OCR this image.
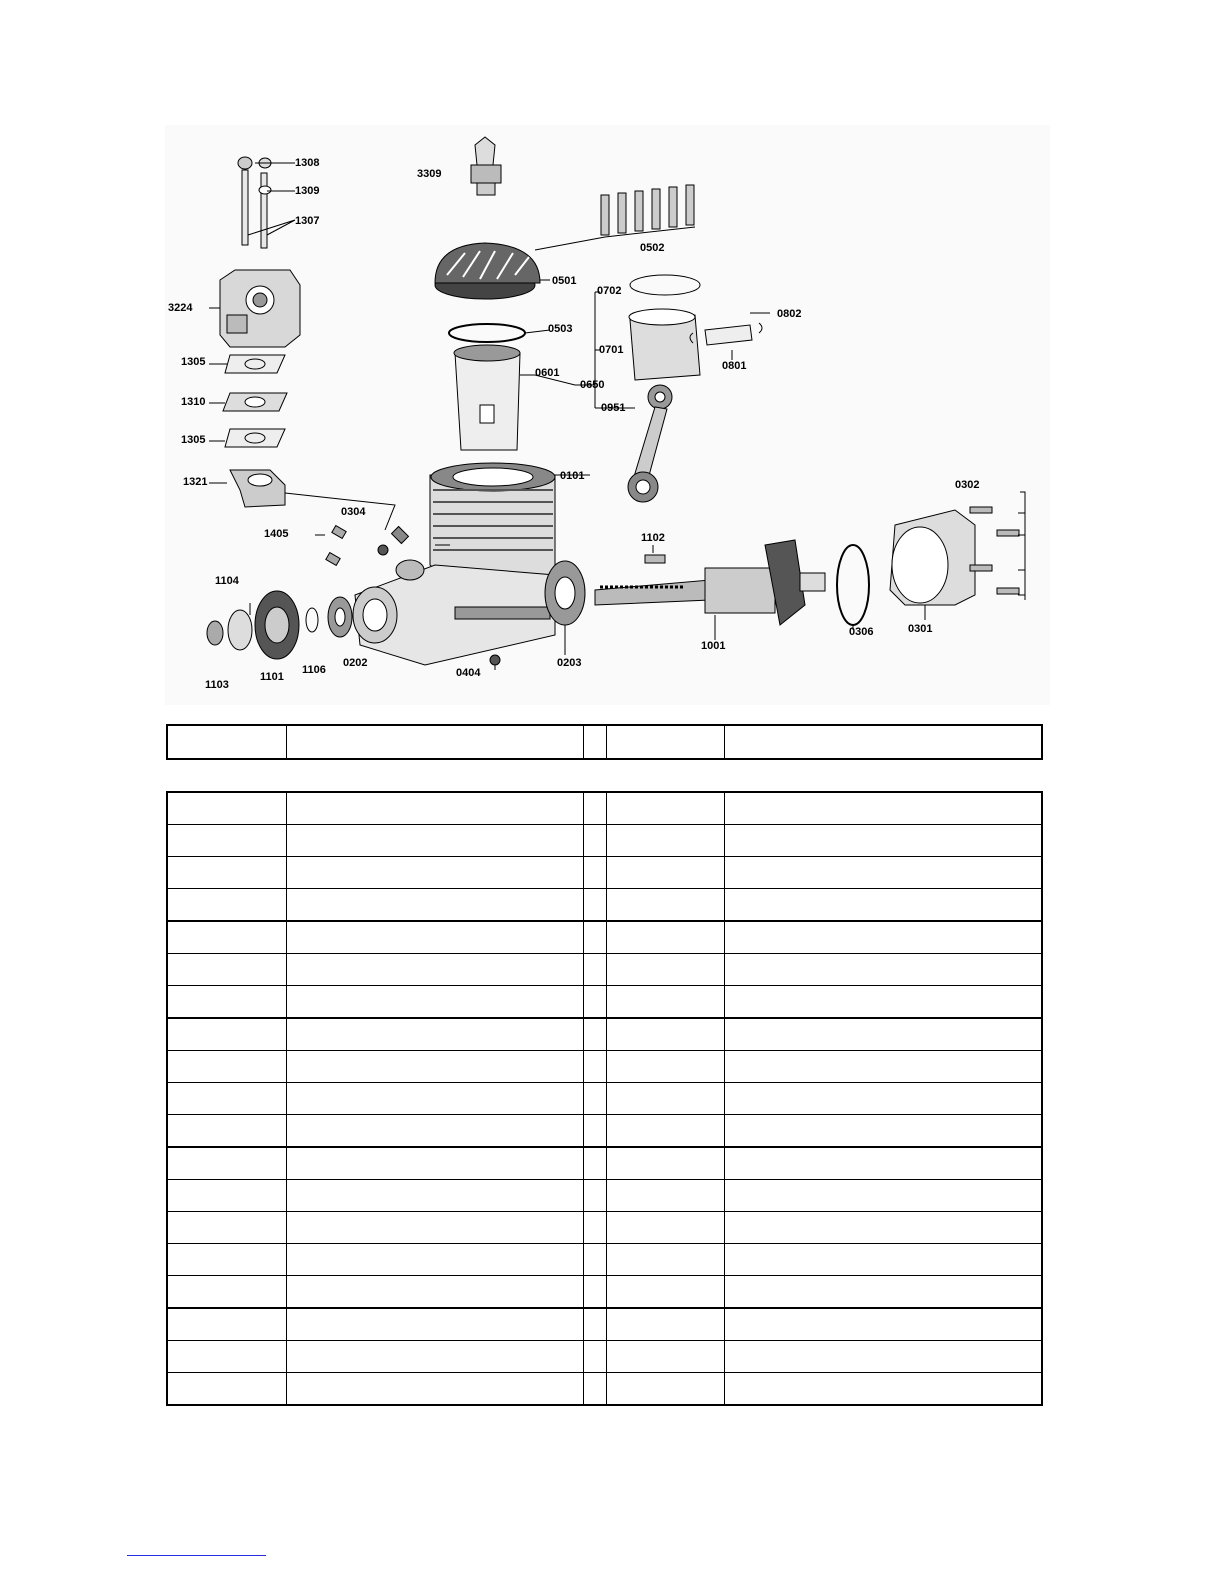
1308
1309
1307
3309
0502
3224
0501
0702
0802
0503
0701
0801
1305
0601
0650
1310	0951
1305
0101
1321	0302
0304
1405	1102
1104
0306	0301
1001
0203
0404
1103
1101
1106
0202
